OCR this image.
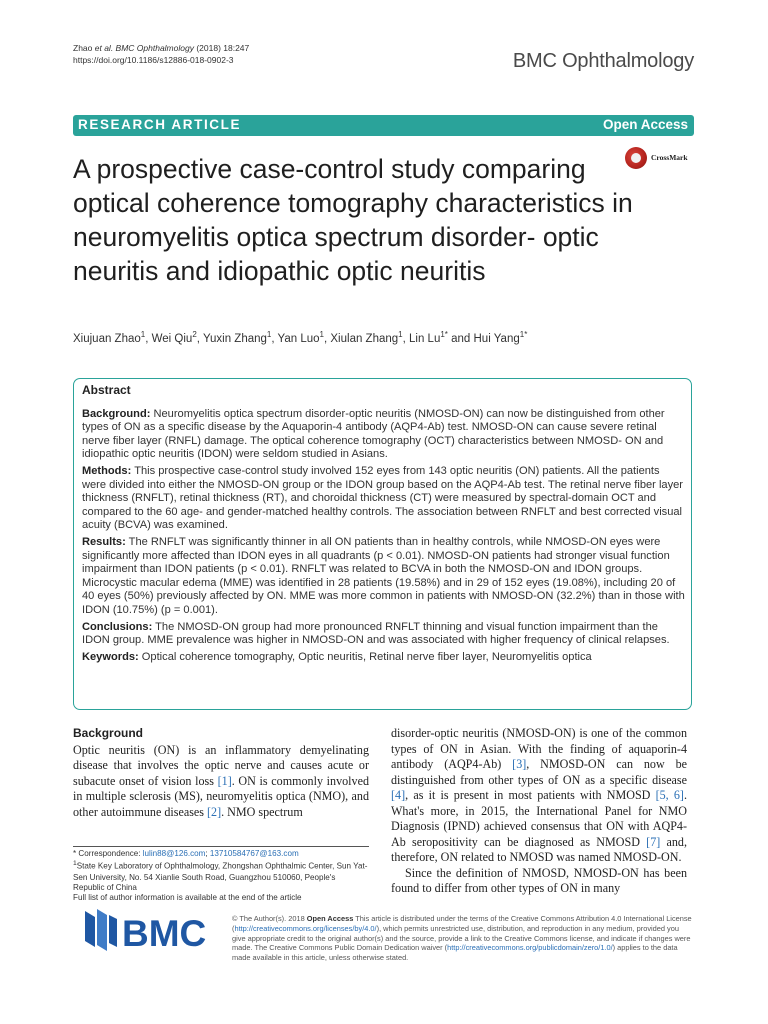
Zhao et al. BMC Ophthalmology (2018) 18:247
https://doi.org/10.1186/s12886-018-0902-3	BMC Ophthalmology
RESEARCH ARTICLE	Open Access
CrossMark
A prospective case-control study comparing optical coherence tomography characteristics in neuromyelitis optica spectrum disorder- optic neuritis and idiopathic optic neuritis
Xiujuan Zhao$^1$, Wei Qiu$^2$, Yuxin Zhang$^1$, Yan Luo$^1$, Xiulan Zhang$^1$, Lin $Lu^{1*}$ and Hui Yang$^{1*}$
Abstract

Background: Neuromyelitis optica spectrum disorder-optic neuritis (NMOSD-ON) can now be distinguished from other types of ON as a specific disease by the Aquaporin-4 antibody (AQP4-Ab) test. NMOSD-ON can cause severe retinal nerve fiber layer (RNFL) damage. The optical coherence tomography (OCT) characteristics between NMOSD- ON and idiopathic optic neuritis (IDON) were seldom studied in Asians.

Methods: This prospective case-control study involved 152 eyes from 143 optic neuritis (ON) patients. All the patients were divided into either the NMOSD-ON group or the IDON group based on the AQP4-Ab test. The retinal nerve fiber layer thickness (RNFLT), retinal thickness (RT), and choroidal thickness (CT) were measured by spectral-domain OCT and compared to the 60 age- and gender-matched healthy controls. The association between RNFLT and best corrected visual acuity (BCVA) was examined.

Results: The RNFLT was significantly thinner in all ON patients than in healthy controls, while NMOSD-ON eyes were significantly more affected than IDON eyes in all quadrants (p < 0.01). NMOSD-ON patients had stronger visual function impairment than IDON patients (p < 0.01). RNFLT was related to BCVA in both the NMOSD-ON and IDON groups. Microcystic macular edema (MME) was identified in 28 patients (19.58%) and in 29 of 152 eyes (19.08%), including 20 of 40 eyes (50%) previously affected by ON. MME was more common in patients with NMOSD-ON (32.2%) than in those with IDON (10.75%) (p = 0.001).

Conclusions: The NMOSD-ON group had more pronounced RNFLT thinning and visual function impairment than the IDON group. MME prevalence was higher in NMOSD-ON and was associated with higher frequency of clinical relapses.

Keywords: Optical coherence tomography, Optic neuritis, Retinal nerve fiber layer, Neuromyelitis optica

Background

Optic neuritis (ON) is an inflammatory demyelinating disease that involves the optic nerve and causes acute or subacute onset of vision loss [1]. ON is commonly involved in multiple sclerosis (MS), neuromyelitis optica (NMO), and other autoimmune diseases [2]. NMO spectrum

disorder-optic neuritis (NMOSD-ON) is one of the common types of ON in Asian. With the finding of aquaporin-4 antibody (AQP4-Ab) [3], NMOSD-ON can now be distinguished from other types of ON as a specific disease [4], as it is present in most patients with NMOSD [5, 6]. What's more, in 2015, the International Panel for NMO Diagnosis (IPND) achieved consensus that ON with AQP4-Ab seropositivity can be diagnosed as NMOSD [7] and, therefore, ON related to NMOSD was named NMOSD-ON.

Since the definition of NMOSD, NMOSD-ON has been found to differ from other types of ON in many

* Correspondence: lulin88@126.com; 13710584767@163.com

$^1$State Key Laboratory of Ophthalmology, Zhongshan Ophthalmic Center, Sun Yat-Sen University, No. 54 Xianlie South Road, Guangzhou 510060, People's Republic of China

Full list of author information is available at the end of the article

BMC	© The Author(s). 2018 Open Access This article is distributed under the terms of the Creative Commons Attribution 4.0 International License (http://creativecommons.org/licenses/by/4.0/), which permits unrestricted use, distribution, and reproduction in any medium, provided you give appropriate credit to the original author(s) and the source, provide a link to the Creative Commons license, and indicate if changes were made. The Creative Commons Public Domain Dedication waiver (http://creativecommons.org/publicdomain/zero/1.0/) applies to the data made available in this article, unless otherwise stated.
